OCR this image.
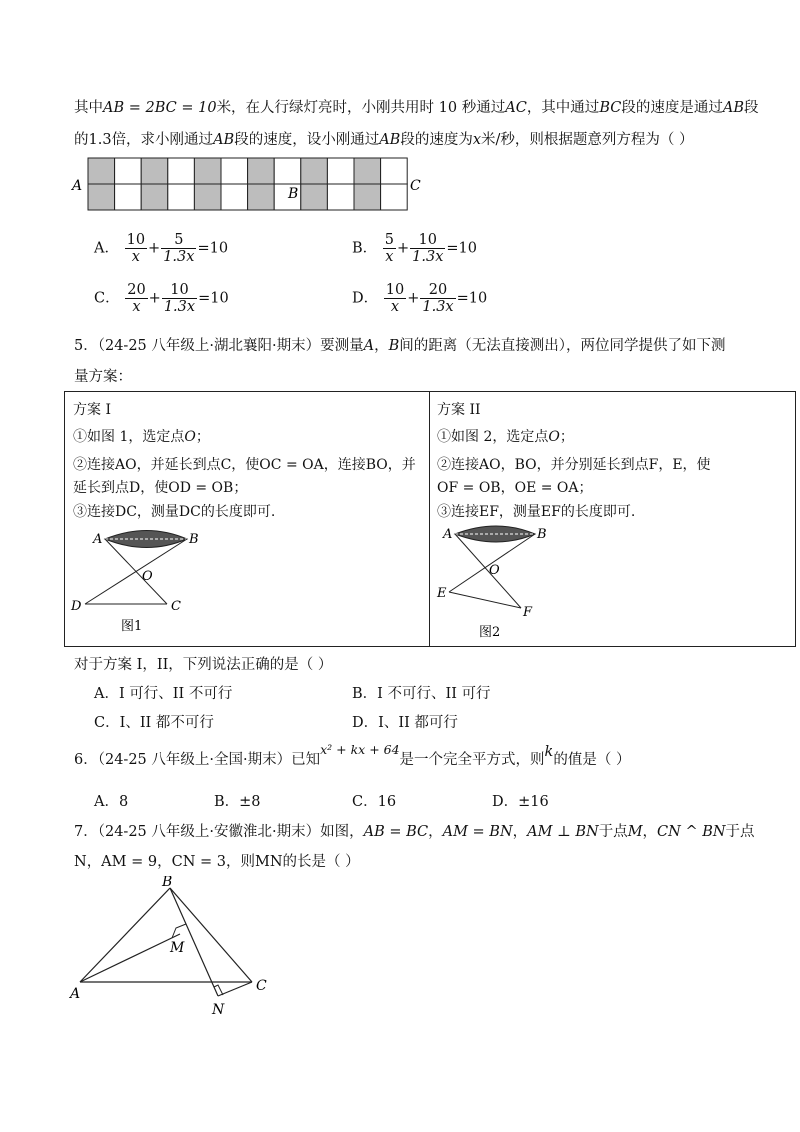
其中AB = 2BC = 10米，在人行绿灯亮时，小刚共用时 10 秒通过AC，其中通过BC段的速度是通过AB段
的1.3倍，求小刚通过AB段的速度，设小刚通过AB段的速度为x米/秒，则根据题意列方程为（ ）
A	B	C
A． $\frac{10}{x} + \frac{5}{1.3x} =10$	B． $\frac{5}{x} + \frac{10}{1.3x} =10$
C． $\frac{20}{x} + \frac{10}{1.3x} =10$	D． $\frac{10}{x} + \frac{20}{1.3x} =10$
5．（24-25 八年级上·湖北襄阳·期末）要测量A，B间的距离（无法直接测出），两位同学提供了如下测
量方案：
方案 I
①如图 1，选定点O；
②连接AO，并延长到点C，使OC = OA，连接BO，并
延长到点D，使OD = OB；
③连接DC，测量DC的长度即可.
A	B
O
D	C
图1
方案 II
①如图 2，选定点O；
②连接AO，BO，并分别延长到点F，E，使
OF = OB，OE = OA；
③连接EF，测量EF的长度即可.
A	B
O
E
F
图2
对于方案 I，II，下列说法正确的是（ ）
A．I 可行、II 不可行	B．I 不可行、II 可行
C．I、II 都不可行	D．I、II 都可行
6．（24-25 八年级上·全国·期末）已知x² + kx + 64是一个完全平方式，则k的值是（ ）
A．8	B．±8	C．16	D．±16
7．（24-25 八年级上·安徽淮北·期末）如图，AB = BC，AM = BN，AM ⊥ BN于点M，CN ^ BN于点
N，AM = 9，CN = 3，则MN的长是（ ）
B
M
A	C
N
